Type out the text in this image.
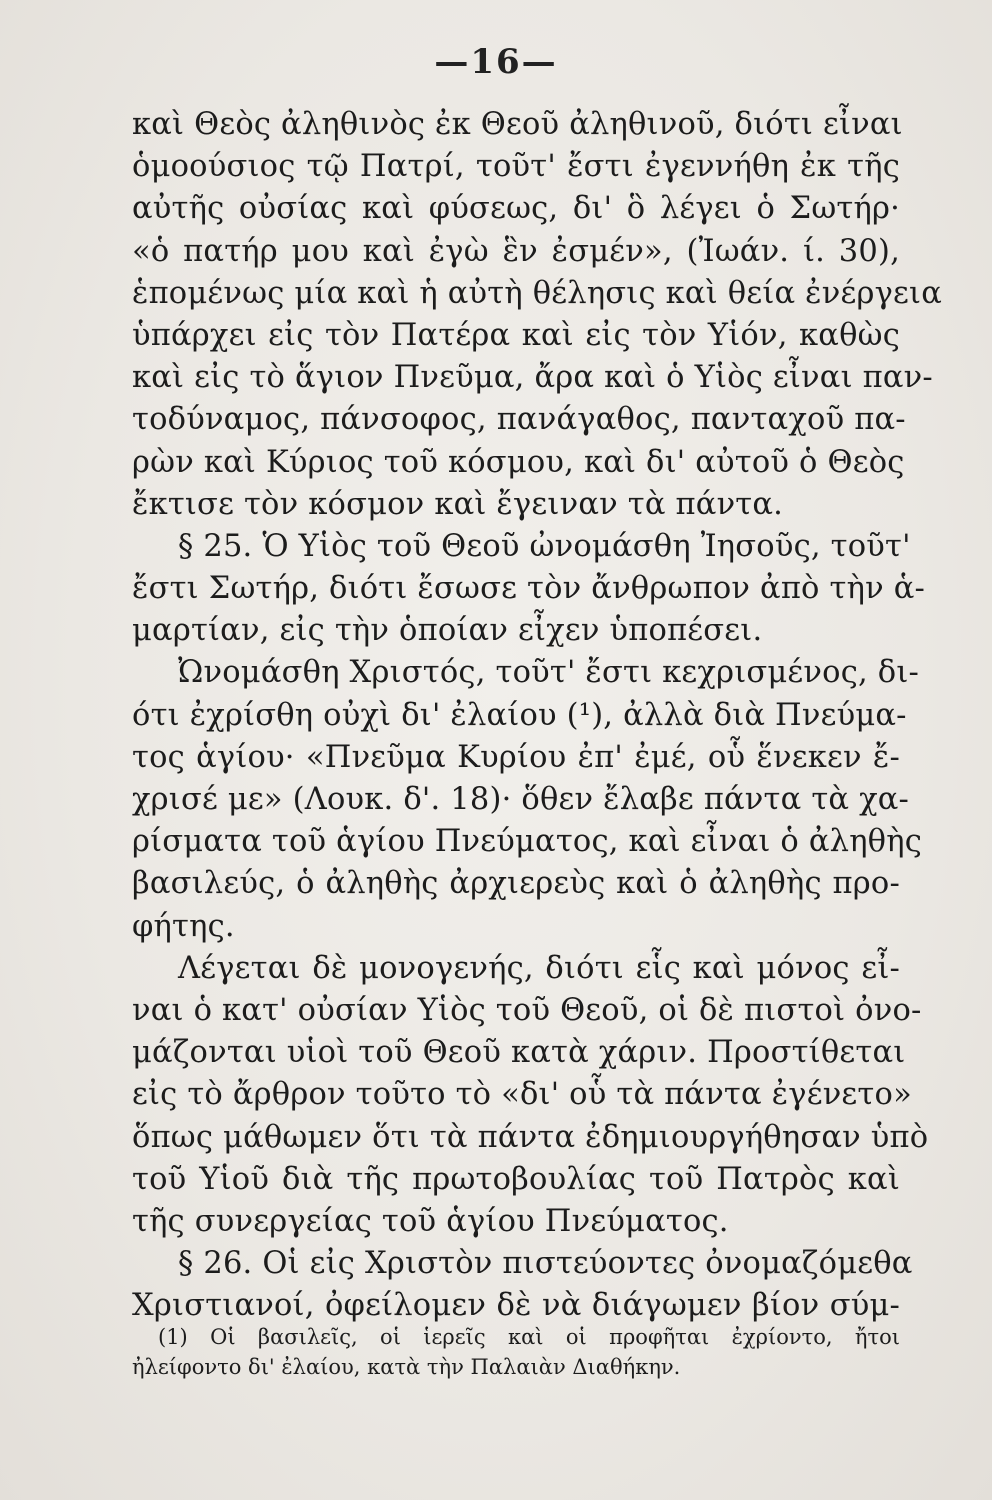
—16—
καὶ Θεὸς ἀληθινὸς ἐκ Θεοῦ ἀληθινοῦ, διότι εἶναι
ὁμοούσιος τῷ Πατρί, τοῦτ' ἔστι ἐγεννήθη ἐκ τῆς
αὐτῆς οὐσίας καὶ φύσεως, δι' ὃ λέγει ὁ Σωτήρ·
«ὁ πατήρ μου καὶ ἐγὼ ἓν ἐσμέν», (Ἰωάν. ί. 30),
ἑπομένως μία καὶ ἡ αὐτὴ θέλησις καὶ θεία ἐνέργεια
ὑπάρχει εἰς τὸν Πατέρα καὶ εἰς τὸν Υἱόν, καθὼς
καὶ εἰς τὸ ἅγιον Πνεῦμα, ἄρα καὶ ὁ Υἱὸς εἶναι παν-
τοδύναμος, πάνσοφος, πανάγαθος, πανταχοῦ πα-
ρὼν καὶ Κύριος τοῦ κόσμου, καὶ δι' αὐτοῦ ὁ Θεὸς
ἔκτισε τὸν κόσμον καὶ ἔγειναν τὰ πάντα.
§ 25. Ὁ Υἱὸς τοῦ Θεοῦ ὠνομάσθη Ἰησοῦς, τοῦτ'
ἔστι Σωτήρ, διότι ἔσωσε τὸν ἄνθρωπον ἀπὸ τὴν ἁ-
μαρτίαν, εἰς τὴν ὁποίαν εἶχεν ὑποπέσει.
Ὠνομάσθη Χριστός, τοῦτ' ἔστι κεχρισμένος, δι-
ότι ἐχρίσθη οὐχὶ δι' ἐλαίου (¹), ἀλλὰ διὰ Πνεύμα-
τος ἁγίου· «Πνεῦμα Κυρίου ἐπ' ἐμέ, οὗ ἕνεκεν ἔ-
χρισέ με» (Λουκ. δ'. 18)· ὅθεν ἔλαβε πάντα τὰ χα-
ρίσματα τοῦ ἁγίου Πνεύματος, καὶ εἶναι ὁ ἀληθὴς
βασιλεύς, ὁ ἀληθὴς ἀρχιερεὺς καὶ ὁ ἀληθὴς προ-
φήτης.
Λέγεται δὲ μονογενής, διότι εἷς καὶ μόνος εἶ-
ναι ὁ κατ' οὐσίαν Υἱὸς τοῦ Θεοῦ, οἱ δὲ πιστοὶ ὀνο-
μάζονται υἱοὶ τοῦ Θεοῦ κατὰ χάριν. Προστίθεται
εἰς τὸ ἄρθρον τοῦτο τὸ «δι' οὗ τὰ πάντα ἐγένετο»
ὅπως μάθωμεν ὅτι τὰ πάντα ἐδημιουργήθησαν ὑπὸ
τοῦ Υἱοῦ διὰ τῆς πρωτοβουλίας τοῦ Πατρὸς καὶ
τῆς συνεργείας τοῦ ἁγίου Πνεύματος.
§ 26. Οἱ εἰς Χριστὸν πιστεύοντες ὀνομαζόμεθα
Χριστιανοί, ὀφείλομεν δὲ νὰ διάγωμεν βίον σύμ-
(1) Οἱ βασιλεῖς, οἱ ἱερεῖς καὶ οἱ προφῆται ἐχρίοντο, ἤτοι
ἠλείφοντο δι' ἐλαίου, κατὰ τὴν Παλαιὰν Διαθήκην.
